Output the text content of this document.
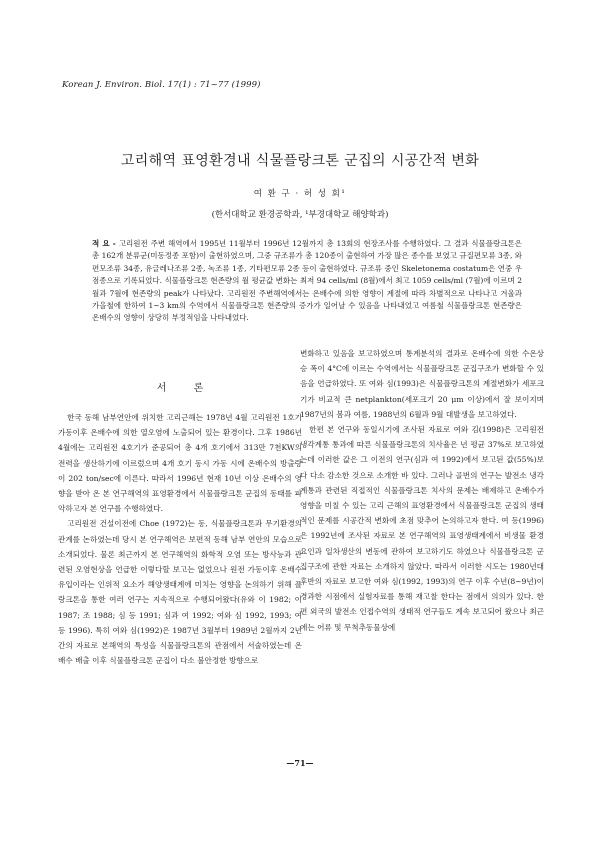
Korean J. Environ. Biol. 17(1) : 71~77 (1999)
고리해역 표영환경내 식물플랑크톤 군집의 시공간적 변화
여 환 구 · 허 성 회¹
(한서대학교 환경공학과, ¹부경대학교 해양학과)

적 요 - 고리원전 주변 해역에서 1995년 11월부터 1996년 12월까지 총 13회의 현장조사를 수행하였다. 그 결과 식물플랑크톤은 총 162개 분류군(미동정종 포함)이 출현하였으며, 그중 규조류가 총 120종이 출현하여 가장 많은 종수를 보였고 규질편모류 3종, 와편모조류 34종, 유글레나조류 2종, 녹조류 1종, 기타편모류 2종 등이 출현하였다. 규조류 중인 Skeletonema costatum은 연중 우점종으로 기록되었다. 식물플랑크톤 현존량의 월 평균값 변화는 최저 94 cells/ml (8월)에서 최고 1059 cells/ml (7월)에 이르며 2월과 7월에 현존량의 peak가 나타났다. 고리원전 주변해역에서는 온배수에 의한 영향이 계절에 따라 차별적으로 나타나고 겨울과 가을철에 한하여 1~3 km의 수역에서 식물플랑크톤 현존량의 증가가 일어날 수 있음을 나타내었고 여름철 식물플랑크톤 현존량은 온배수의 영향이 상당히 부정적임을 나타내었다.

서 론

한국 동해 남부연안에 위치한 고리근해는 1978년 4월 고리원전 1호기 가동이후 온배수에 의한 열오염에 노출되어 있는 환경이다. 그후 1986년 4월에는 고리원전 4호기가 준공되어 총 4개 호기에서 313만 7천KW의 전력을 생산하기에 이르렀으며 4개 호기 동시 가동 시에 온배수의 방출량이 202 ton/sec에 이른다. 따라서 1996년 현재 10년 이상 온배수의 영향을 받아 온 본 연구해역의 표영환경에서 식물플랑크톤 군집의 동태를 파악하고자 본 연구를 수행하였다.

고리원전 건설이전에 Choe (1972)는 동, 식물플랑크톤과 무기환경의 관계를 논하였는데 당시 본 연구해역은 보편적 동해 남부 연안의 모습으로 소개되었다. 물론 최근까지 본 연구해역의 화학적 오염 또는 방사능과 관련된 오염현상을 언급한 이렇다할 보고는 없었으나 원전 가동이후 온배수 유입이라는 인위적 요소가 해양생태계에 미치는 영향을 논의하기 위해 플랑크톤을 통한 여러 연구는 지속적으로 수행되어왔다(유와 이 1982; 이 1987; 조 1988; 심 등 1991; 심과 여 1992; 여와 심 1992, 1993; 여 등 1996). 특히 여와 심(1992)은 1987년 3월부터 1989년 2월까지 2년간의 자료로 본해역의 특성을 식물플랑크톤의 관점에서 서술하였는데 온배수 배출 이후 식물플랑크톤 군집이 다소 불안정한 방향으로

변화하고 있음을 보고하였으며 통계분석의 결과로 온배수에 의한 수온상승 폭이 4°C에 이르는 수역에서는 식물플랑크톤 군집구조가 변화할 수 있음을 언급하였다. 또 여와 심(1993)은 식물플랑크톤의 계절변화가 세포크기가 비교적 큰 netplankton(세포크기 20 μm 이상)에서 잘 보이지며 1987년의 봄과 여름, 1988년의 6월과 9월 대발생을 보고하였다.

한편 본 연구와 동일시기에 조사된 자료로 여와 김(1998)은 고리원전 냉각계통 통과에 따른 식물플랑크톤의 치사율은 년 평균 37%로 보고하였는데 이러한 값은 그 이전의 연구(심과 여 1992)에서 보고된 값(55%)보다 다소 감소한 것으로 소개한 바 있다. 그러나 골번의 연구는 발전소 냉각 계통과 관련된 직접적인 식물플랑크톤 치사의 문제는 배제하고 온배수가 영향을 미칠 수 있는 고리 근해의 표영환경에서 식물플랑크톤 군집의 생태적인 문제를 시공간적 변화에 초점 맞추어 논의하고자 한다. 여 등(1996)은 1992년에 조사된 자료로 본 연구해역의 표영생태계에서 비생물 환경요인과 일차생산의 변동에 관하여 보고하기도 하였으나 식물플랑크톤 군집구조에 관한 자료는 소개하지 않았다. 따라서 이러한 시도는 1980년대 후반의 자료로 보고한 여와 심(1992, 1993)의 연구 이후 수년(8~9년)이 경과한 시점에서 실험자료를 통해 재고찰 한다는 점에서 의의가 있다. 한편 외국의 발전소 인접수역의 생태적 연구들도 계속 보고되어 왔으나 최근에는 어류 및 무척추동물상에

—71—
